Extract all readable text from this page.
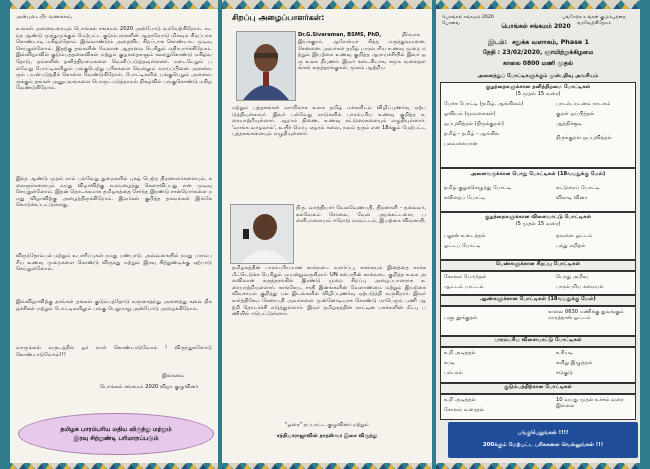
அன்புடையீர் வணக்கம்,
உங்கள் அனைவரையும் பொங்கல் சங்கமம் 2020 அன்போடு வரவேற்கிறோம். கடந்த ஆண்டு முத்துமுக்கும் மேற்பட்ட குடும்பங்களின் ஆதரவோடு மிகவும் சிறப்பாக கொண்டாடி மகிழ்ந்தோம். இவ்வாண்டும் அதைவிட சிறப்பாக கொண்டாட முடிவு செய்துள்ளோம். இதற்கு தங்களின் மேலான ஆதரவை பெரிதும் எதிர்பார்க்கிறோம். இவ்விழாவில் குடும்பத்தலைவிகள் மற்றும் குழந்தைகளும் கலந்துகொண்டு மகிழ்வதோடு, தங்களின் தனித்திறமைகளை வெளிப்படுத்தவுள்ளனர். நடைபெறும் பல்வேறு போட்டிகளிலும் பங்குபெற்று பரிசுகளை வெல்லும் வாய்ப்பினை அனைவரும் பயன்படுத்திக் கொள்ள வேண்டுகிறோம். போட்டிகளில் பங்குபெறும் அனைவருக்கும் தங்கள் அனுபவங்களை பொருட்படுத்தாமல் நிகழ்வில் பங்குகொண்டு மகிழ வேண்டுகிறோம்.
இந்த ஆண்டு முதல் நாம் பல்வேறு துறைகளில் புகழ் பெற்ற திறனாளர்களையும், கலைஞர்களையும் நமது விழாவிற்கு வரவழைத்து கௌரவிப்பது என முடிவு செய்துள்ளோம். இதன் தொடக்கமாக தமிழகத்தை சேர்ந்த இரண்டு சான்றோர்களை நமது விழாவிற்கு அழைத்திருக்கிறோம். இவர்கள் குறித்த தகவல்கள் இங்கே கொடுக்கப்பட்டுள்ளது.
விருந்தோம்பல் மற்றும் உபசரிப்புகள் நமது பண்பாடு. அவ்வகையில் நமது பாரம்பரிய உணவு முறைகளை கொண்டு விருந்து மற்றும் இரவு சிற்றுண்டிக்கு ஏற்பாடு செய்துள்ளோம்.
இவ்விழாவிற்கு தாங்கள் தங்கள் குடும்பத்தோடு வருகைதந்து அனைத்து கலை நிகழ்ச்சிகள் மற்றும் போட்டிகளிலும் பங்கு பெறுமாறு அன்போடு அழைக்கிறோம்.
வாருங்கள் வருடத்தில் ஓர் நாள் கொண்டாடுவோம் ! விருந்துகளோடு கொண்டாடுவோம்!!!
இங்கனம்
பொங்கல் சங்கமம் 2020 விழா குழுவினர்
தமிழக பாரம்பரிய மதிய விருந்து மற்றும்
இரவு சிற்றுண்டி பரிமாறப்படும்
சிறப்பு அழைப்பாளர்கள்:
Dr.G.Sivaraman, BSMS, PhD,	நிர்வாக
இயக்குநர், ஆரோக்யா சித்த மருத்துவமனை, சென்னை. அவர்கள் தமிழ் பாரம்பரிய உணவு முறை மற்றும் இயற்கை உணவு குறித்த ஆராய்ச்சியில் இவர் ஒரு உலக நிபுணர். இவர் கடைசியாக, சமூக வலைதளங்கள் கருத்தரங்குகள், மூலம் ஆற்றிய
மற்றும் புத்தகங்கள் வாயிலாக உலக தமிழ் மக்களிடம் விழிப்புணர்வு ஏற்படுத்தியுள்ளவர். இவர் பல்வேறு நாடுகளில் பாரம்பரிய உணவு குறித்த உரையாற்றியுள்ளார். ஆறாம் திணை, உணவு கட்டுரைகளையும் எழுதியுள்ளார். 'வாங்க வாழலாம்', உயிர் மெய், ஏழாம் சுவை, நலம் தரும் என 18க்கும் மேற்பட்ட புத்தகங்களையும் எழுதியுள்ளார்.
திரு. வாத்தியார் வேலவேணபதி, திறனாளி - தலைவர், கல்வேலம் சோலை, வேல் அறக்கட்டளை, பள்ளிபாளையம் ஈரோடு மாவட்டம், இயற்கை விவசாயி,
தமிழகத்தின் பாரம்பரியமான கால்நடை வளர்ப்பு, காங்கயம் இனத்தை காக்க மீட்டெடுக்க பெரிதும் முயன்றுவருகிறார். UN சபையின் கால்நடை குறித்த உலக அளவிலான கருத்தரங்கில் இரண்டு முறை சிறப்பு அழைப்பாளராக உரையாற்றியுள்ளார். காங்கேய, சாதி இனங்களின் வேளாண்மை மற்றும் இயற்கை விவசாயம் குறித்து பல இடங்களில் விழிப்புணர்வு ஏற்படுத்தி வருகிறார். இவர் கார்த்திகேய சேனாபதி அவர்களை முன்னோடியாக கொண்டு மாபெரும் பணி ஆற்றி தொடர்ச்சி எடுத்துள்ளார். இவர் தமிழகத்தின் நாட்டின பசுக்களின் மீட்பு பணியில் ஈடுபட்டுள்ளார்.
"ஓசை" தப்பாட்ட குழுவினர் மற்றும்
சந்தியாராஜாவின் நாதஸ்வர இசை விருந்து
பொங்கல் சங்கமம் 2020 பேரவை
பங்கேற்க உங்கள் குடும்பத்தை வரவேற்கிறோம்
பொங்கல் சங்கமம் 2020
இடம்: சதுக்க வளாகம், Phase 1
தேதி : 23/02/2020, ஞாயிற்றுக்கிழமை
காலை 0800 மணி முதல்
அனைத்துப் போட்டிகளுக்கும் முன்பதிவு அவசியம்
குழந்தைகளுக்கான தனித்திறமை போட்டிகள்
(5 முதல் 15 வரை)
பேச்சு போட்டி (தமிழ், ஆங்கிலம்)
ஓவியம் (மூவகைகள்)
ஒப்புவித்தல் (திருக்குறள்)
தமிழ் - தமிழ் - ஆங்கில
பலவகையான
பாடல், நடனம் நாடகம்
குறள் ஒப்பித்தல்
ஆத்திச்சூடி
திருக்குறள் ஒப்புவித்தல்
அனைவருக்கான பொது போட்டிகள் (18வயதுக்கு மேல்)
தமிழ் குறுக்கெழுத்து போட்டி
கவிதைப் போட்டி
கட்டுரைப் போட்டி
விநாடி வினா
குழந்தைகளுக்கான விளையாட்டு போட்டிகள்
(5 முதல் 15 வரை)
பலூன் உடைத்தல்
ஓட்டப் போட்டி
தவளை ஓட்டம்
பந்து எறிதல்
பெண்களுக்கான சிறப்பு போட்டிகள்
கோலம் போடுதல்
ஆட்டம் பாட்டம்
பொது அறிவு
பாரம்பரிய சமையல்
ஆண்களுக்கான போட்டிகள் (18வயதுக்கு மேல்)
பளு தூக்குதல்
காலை 0630 மணிக்கு துவங்கும் மாரத்தான் ஓட்டம்
பாரம்பரிய விளையாட்டு போட்டிகள்
உறி அடித்தல்
கபடி
பம்பரம்
உரியடி
கயிறு இழுத்தல்
சடுகுடு
குடும்பத்திற்கான போட்டிகள்
உறி அடித்தல்
கோலம் வரைதல்
10 வயது முதல் உச்சம் வரை இல்லை
பங்குபெறுங்கள் !!!!
200க்கும் மேற்பட்ட பரிசுகளை வெல்லுங்கள் !!!
